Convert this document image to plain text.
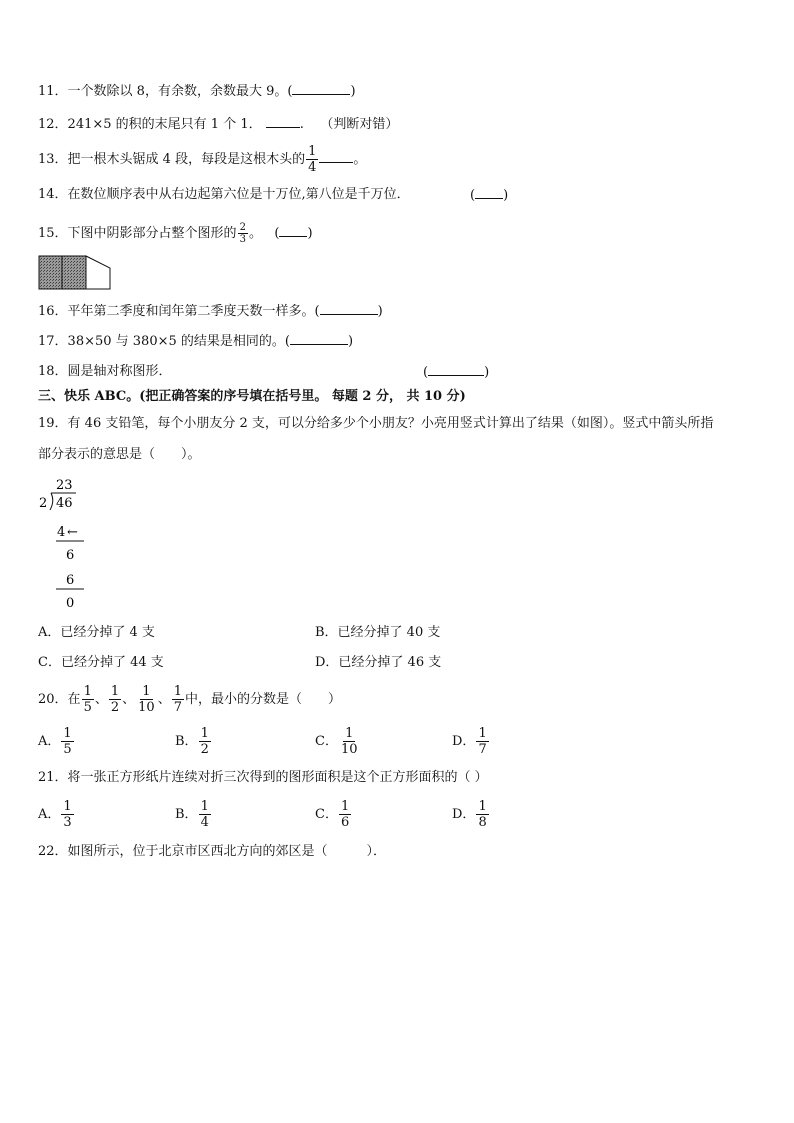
11．一个数除以 8，有余数，余数最大 9。(	)
12．241×5 的积的末尾只有 1 个 1．	. （判断对错）
13．把一根木头锯成 4 段，每段是这根木头的 $\frac{1}{4}$	。
14．在数位顺序表中从右边起第六位是十万位,第八位是千万位．	( )
15．下图中阴影部分占整个图形的 $\frac{2}{3}$ 。 ( )
16．平年第二季度和闰年第二季度天数一样多。(	)
17．38×50 与 380×5 的结果是相同的。(	)
18．圆是轴对称图形．	(	)
三、快乐 ABC。(把正确答案的序号填在括号里。 每题 2 分， 共 10 分)
19．有 46 支铅笔，每个小朋友分 2 支，可以分给多少个小朋友？小亮用竖式计算出了结果（如图）。竖式中箭头所指
部分表示的意思是（　　）。
23
2 46
4 ←
6
6
0
A．已经分掉了 4 支	B．已经分掉了 40 支
C．已经分掉了 44 支	D．已经分掉了 46 支
20．在 $\frac{1}{5}$ 、 $\frac{1}{2}$ 、 $\frac{1}{10}$ 、 $\frac{1}{7}$ 中，最小的分数是（　　）
A． $\frac{1}{5}$	B． $\frac{1}{2}$	C． $\frac{1}{10}$	D． $\frac{1}{7}$
21．将一张正方形纸片连续对折三次得到的图形面积是这个正方形面积的（ ）
A． $\frac{1}{3}$	B． $\frac{1}{4}$	C． $\frac{1}{6}$	D． $\frac{1}{8}$
22．如图所示，位于北京市区西北方向的郊区是（　　　）．
